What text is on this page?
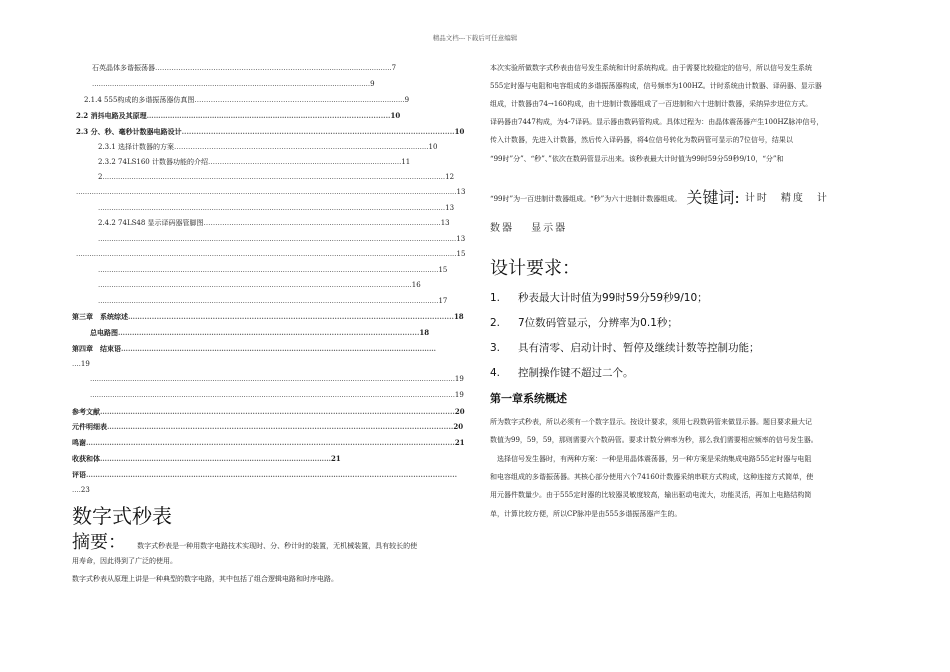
精品文档---下载后可任意编辑
石英晶体多谐振荡器……………………………………………………………..................................7
.............................................................................................................................9
2.1.4 555构成的多谐振荡器仿真图…………………………………………….........................................9
2.2 消抖电路及其原理……………………………………………………………..................................10
2.3 分、秒、毫秒计数器电路设计................................................................................................................10
2.3.1 选择计数器的方案……………………………………………………………..........................................10
2.3.2 74LS160 计数器功能的介绍…………………………………..............................................11
2..........................................................................................................................................................12
...........................................................................................................................................................................13
............................................................................................................................................................13
2.4.2 74LS48 显示译码器管脚图…………..............................................................................................13
.................................................................................................................................................................13
...........................................................................................................................................................................15
.........................................................................................................................................................15
.............................................................................................................................................16
.........................................................................................................................................................17
第三章　系统综述……................................................................................................................................18
总电路图…………………………………………………………………….................................................18
第四章　结束语………………………………………………………………………………………………………………………
....19
....................................................................................................................................................................19
....................................................................................................................................................................19
参考文献……………………………..................................................................................................................20
元件明细表…………………..........................................................................................................................20
鸣谢…………….........................................................................................................................................21
收获和体………………………………………………………………………………………21
评语…………………………………………………………………………………………………..............................................
....23
数字式秒表
摘要： 数字式秒表是一种用数字电路技术实现时、分、秒计时的装置，无机械装置，具有较长的使
用寿命，因此得到了广泛的使用。
数字式秒表从原理上讲是一种典型的数字电路，其中包括了组合逻辑电路和时序电路。
本次实验所做数字式秒表由信号发生系统和计时系统构成。由于需要比较稳定的信号，所以信号发生系统
555定时器与电阻和电容组成的多谐振荡器构成，信号频率为100HZ。计时系统由计数器、译码器、显示器
组成，计数器由74→160构成，由十进制计数器组成了一百进制和六十进制计数器，采纳异步进位方式。
译码器由7447构成，为4-7译码。显示器由数码管构成。具体过程为：由晶体震荡器产生100HZ脉冲信号，
传入计数器，先进入计数器，然后传入译码器，将4位信号转化为数码管可显示的7位信号，结果以
“99时”分”、“秒”、”依次在数码管显示出来。该秒表最大计时值为99时59分59秒9/10，“分”和
“99时”为一百进制计数器组成。“秒”为六十进制计数器组成。 关键词: 计时　精度　计
数器　 显示器
设计要求：
1. 秒表最大计时值为99时59分59秒9/10；
2. 7位数码管显示，分辨率为0.1秒；
3. 具有清零、启动计时、暂停及继续计数等控制功能；
4. 控制操作键不超过二个。
第一章系统概述
所为数字式秒表，所以必须有一个数字显示。按设计要求，须用七段数码管来做显示器。题目要求最大记
数值为99，59，59，那则需要六个数码管。要求计数分辨率为秒，那么我们需要相应频率的信号发生器。
　选择信号发生器时，有两种方案：一种是用晶体震荡器，另一种方案是采纳集成电路555定时器与电阻
和电容组成的多谐振荡器。其核心部分使用六个74160计数器采纳串联方式构成，这种连接方式简单，使
用元器件数量少。由于555定时器的比较器灵敏度较高，输出驱动电流大，功能灵活，再加上电路结构简
单，计算比较方便，所以CP脉冲是由555多谐振荡器产生的。
